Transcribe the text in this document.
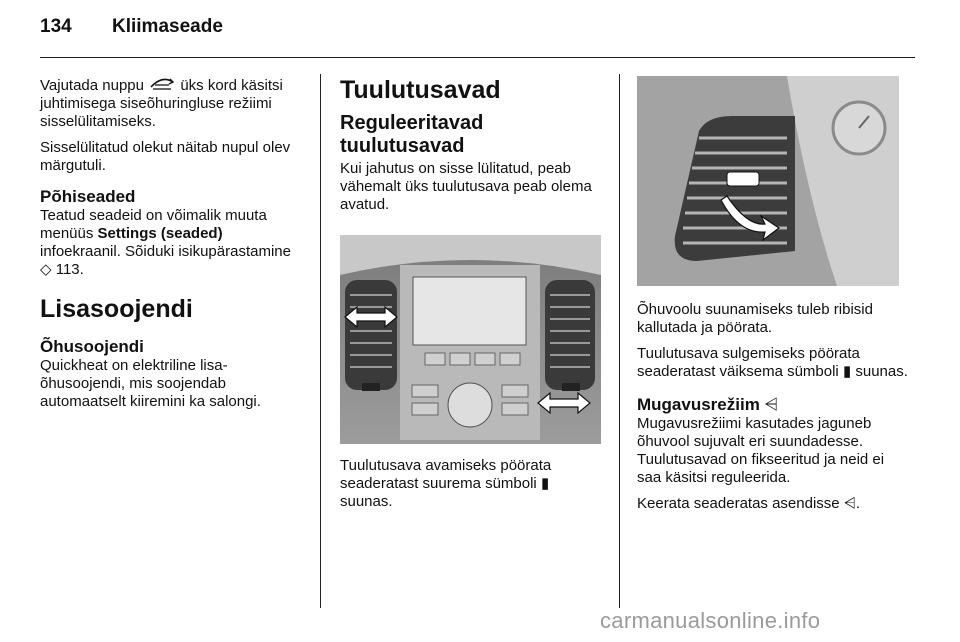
134 Kliimaseade

Vajutada nuppu  üks kord käsitsi juhtimisega siseõhuringluse režiimi sisselülitamiseks.

Sisselülitatud olekut näitab nupul olev märgutuli.

Põhiseaded

Teatud seadeid on võimalik muuta menüüs Settings (seaded) infoekraanil. Sõiduki isikupärastamine ◇ 113.

Lisasoojendi
Õhusoojendi

Quickheat on elektriline lisa-õhusoojendi, mis soojendab automaatselt kiiremini ka salongi.

Tuulutusavad
Reguleeritavad tuulutusavad

Kui jahutus on sisse lülitatud, peab vähemalt üks tuulutusava peab olema avatud.

Tuulutusava avamiseks pöörata seaderatast suurema sümboli ▮ suunas.

Õhuvoolu suunamiseks tuleb ribisid kallutada ja pöörata.

Tuulutusava sulgemiseks pöörata seaderatast väiksema sümboli ▮ suunas.

Mugavusrežiim ⩤

Mugavusrežiimi kasutades jaguneb õhuvool sujuvalt eri suundadesse. Tuulutusavad on fikseeritud ja neid ei saa käsitsi reguleerida.

Keerata seaderatas asendisse ⩤.

carmanualsonline.info
